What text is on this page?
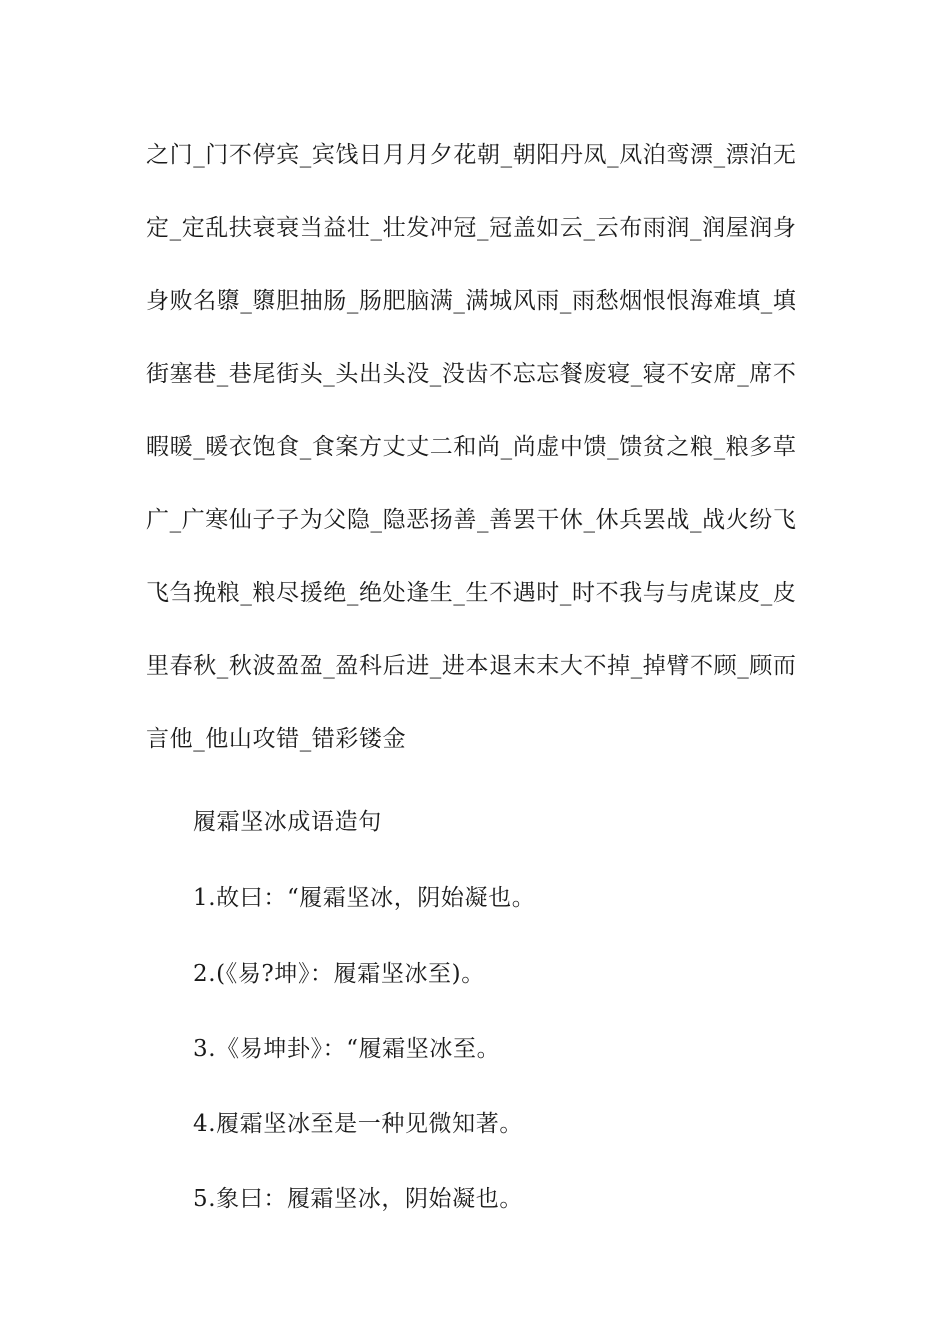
之门_门不停宾_宾饯日月月夕花朝_朝阳丹凤_凤泊鸾漂_漂泊无
定_定乱扶衰衰当益壮_壮发冲冠_冠盖如云_云布雨润_润屋润身
身败名隳_隳胆抽肠_肠肥脑满_满城风雨_雨愁烟恨恨海难填_填
街塞巷_巷尾街头_头出头没_没齿不忘忘餐废寝_寝不安席_席不
暇暖_暖衣饱食_食案方丈丈二和尚_尚虚中馈_馈贫之粮_粮多草
广_广寒仙子子为父隐_隐恶扬善_善罢干休_休兵罢战_战火纷飞
飞刍挽粮_粮尽援绝_绝处逢生_生不遇时_时不我与与虎谋皮_皮
里春秋_秋波盈盈_盈科后进_进本退末末大不掉_掉臂不顾_顾而
言他_他山攻错_错彩镂金
履霜坚冰成语造句
1.故曰：“履霜坚冰，阴始凝也。
2.(《易?坤》：履霜坚冰至)。
3.《易坤卦》：“履霜坚冰至。
4.履霜坚冰至是一种见微知著。
5.象曰：履霜坚冰，阴始凝也。
